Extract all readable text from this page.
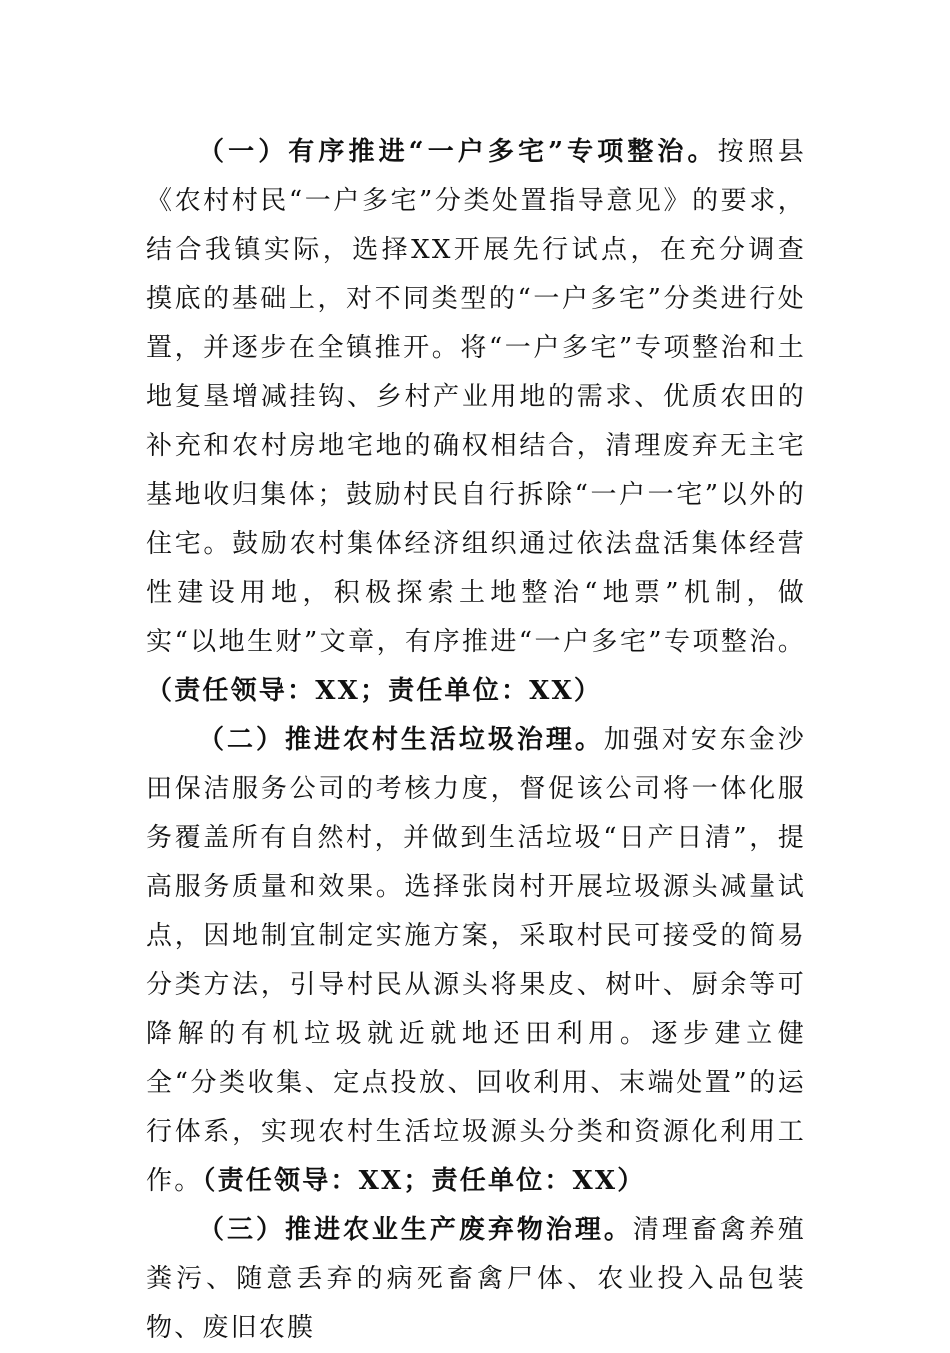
（一）有序推进“一户多宅”专项整治。按照县《农村村民“一户多宅”分类处置指导意见》的要求，结合我镇实际，选择XX开展先行试点，在充分调查摸底的基础上，对不同类型的“一户多宅”分类进行处置，并逐步在全镇推开。将“一户多宅”专项整治和土地复垦增减挂钩、乡村产业用地的需求、优质农田的补充和农村房地宅地的确权相结合，清理废弃无主宅基地收归集体；鼓励村民自行拆除“一户一宅”以外的住宅。鼓励农村集体经济组织通过依法盘活集体经营性建设用地，积极探索土地整治“地票”机制，做实“以地生财”文章，有序推进“一户多宅”专项整治。（责任领导：XX；责任单位：XX）

（二）推进农村生活垃圾治理。加强对安东金沙田保洁服务公司的考核力度，督促该公司将一体化服务覆盖所有自然村，并做到生活垃圾“日产日清”，提高服务质量和效果。选择张岗村开展垃圾源头减量试点，因地制宜制定实施方案，采取村民可接受的简易分类方法，引导村民从源头将果皮、树叶、厨余等可降解的有机垃圾就近就地还田利用。逐步建立健全“分类收集、定点投放、回收利用、末端处置”的运行体系，实现农村生活垃圾源头分类和资源化利用工作。（责任领导：XX；责任单位：XX）

（三）推进农业生产废弃物治理。清理畜禽养殖粪污、随意丢弃的病死畜禽尸体、农业投入品包装物、废旧农膜
